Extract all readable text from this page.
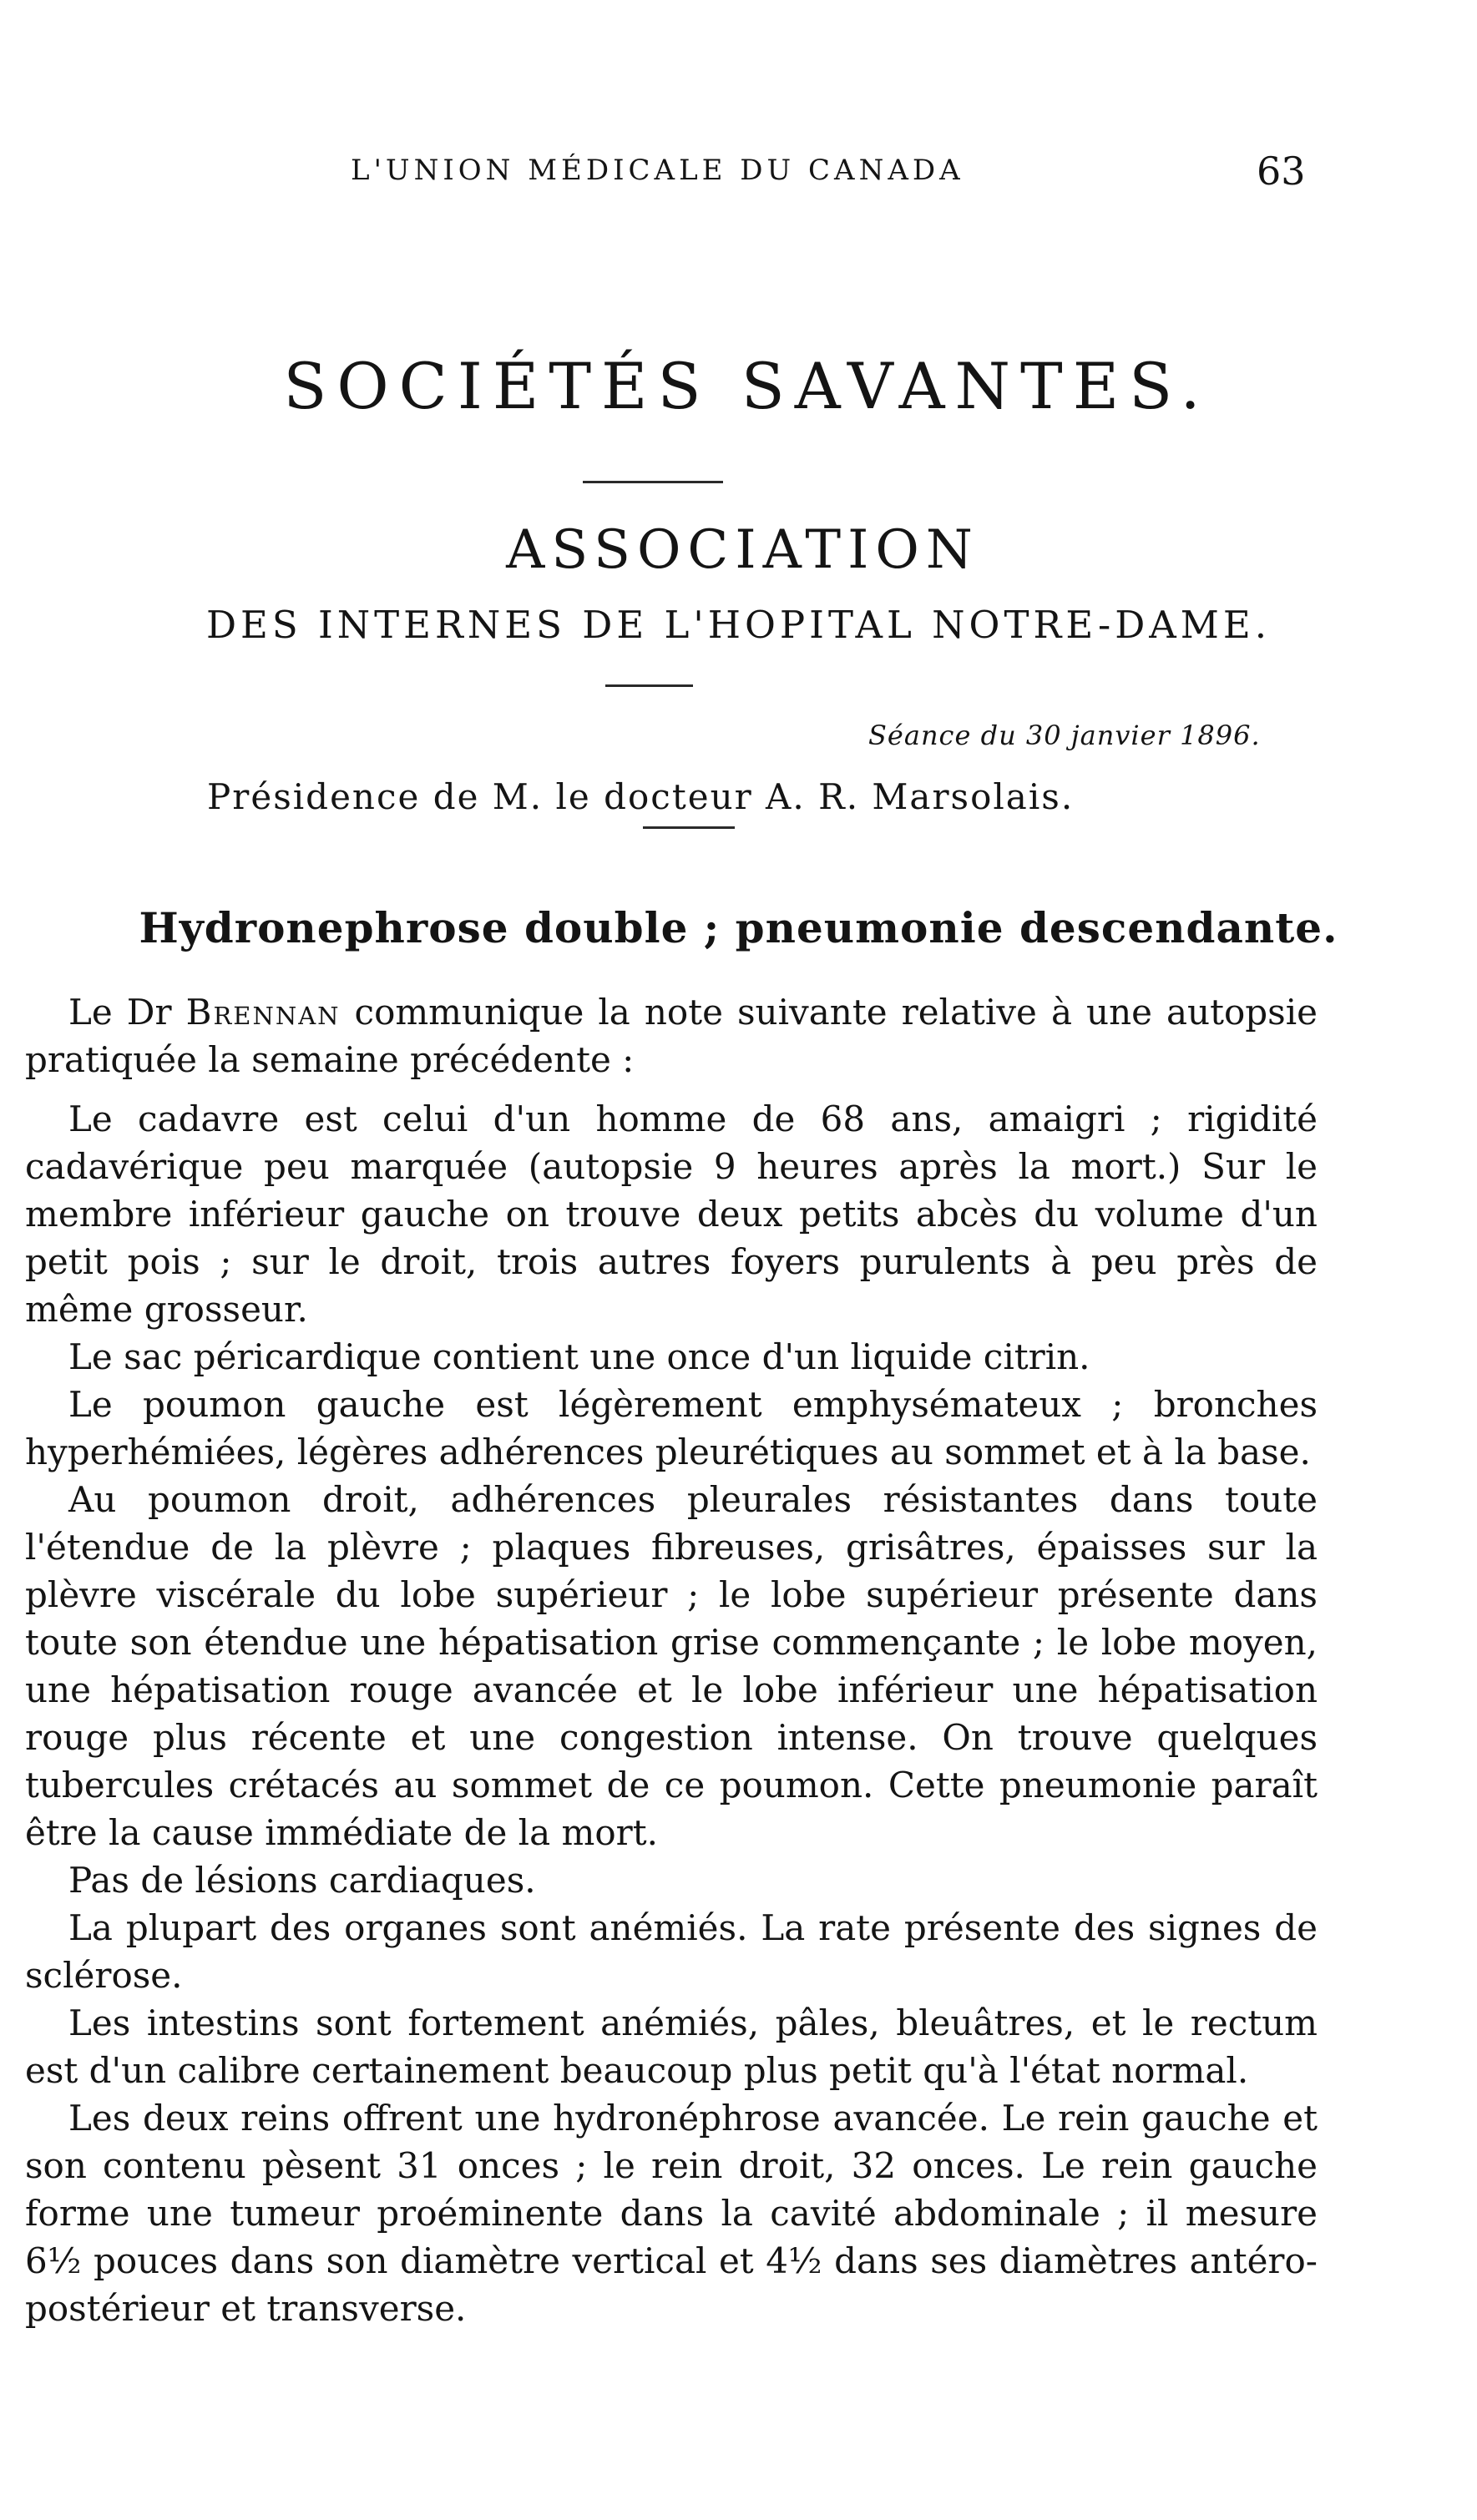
L'UNION MÉDICALE DU CANADA	63
SOCIÉTÉS SAVANTES.
ASSOCIATION
DES INTERNES DE L'HOPITAL NOTRE-DAME.
Séance du 30 janvier 1896.
Présidence de M. le docteur A. R. Marsolais.
Hydronephrose double ; pneumonie descendante.

Le Dr Brennan communique la note suivante relative à une autopsie pratiquée la semaine précédente :

Le cadavre est celui d'un homme de 68 ans, amaigri ; rigidité cadavérique peu marquée (autopsie 9 heures après la mort.) Sur le membre inférieur gauche on trouve deux petits abcès du volume d'un petit pois ; sur le droit, trois autres foyers purulents à peu près de même grosseur.

Le sac péricardique contient une once d'un liquide citrin.

Le poumon gauche est légèrement emphysémateux ; bronches hyperhémiées, légères adhérences pleurétiques au sommet et à la base.

Au poumon droit, adhérences pleurales résistantes dans toute l'étendue de la plèvre ; plaques fibreuses, grisâtres, épaisses sur la plèvre viscérale du lobe supérieur ; le lobe supérieur présente dans toute son étendue une hépatisation grise commençante ; le lobe moyen, une hépatisation rouge avancée et le lobe inférieur une hépatisation rouge plus récente et une congestion intense. On trouve quelques tubercules crétacés au sommet de ce poumon. Cette pneumonie paraît être la cause immédiate de la mort.

Pas de lésions cardiaques.

La plupart des organes sont anémiés. La rate présente des signes de sclérose.

Les intestins sont fortement anémiés, pâles, bleuâtres, et le rectum est d'un calibre certainement beaucoup plus petit qu'à l'état normal.

Les deux reins offrent une hydronéphrose avancée. Le rein gauche et son contenu pèsent 31 onces ; le rein droit, 32 onces. Le rein gauche forme une tumeur proéminente dans la cavité abdominale ; il mesure 6½ pouces dans son diamètre vertical et 4½ dans ses diamètres antéro-postérieur et transverse.
